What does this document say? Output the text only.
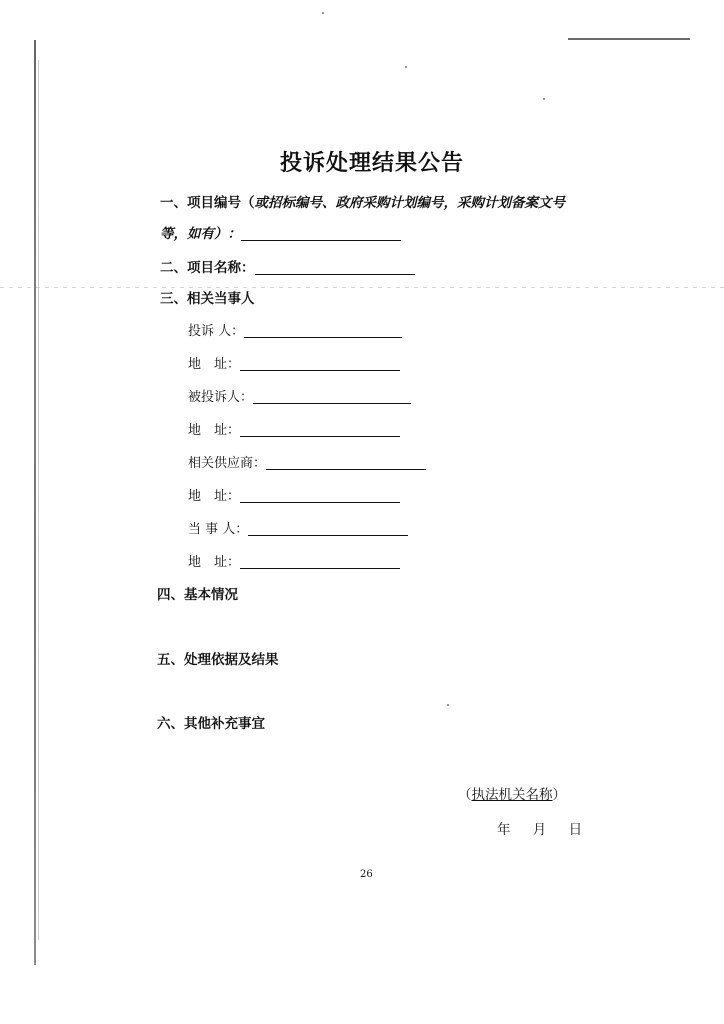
投诉处理结果公告
一、项目编号（或招标编号、政府采购计划编号，采购计划备案文号
等，如有）：
二、项目名称：
三、相关当事人
投诉 人：
地　址：
被投诉人：
地　址：
相关供应商：
地　址：
当 事 人：
地　址：
四、基本情况
五、处理依据及结果
六、其他补充事宜
（执法机关名称）
年 月 日
26
